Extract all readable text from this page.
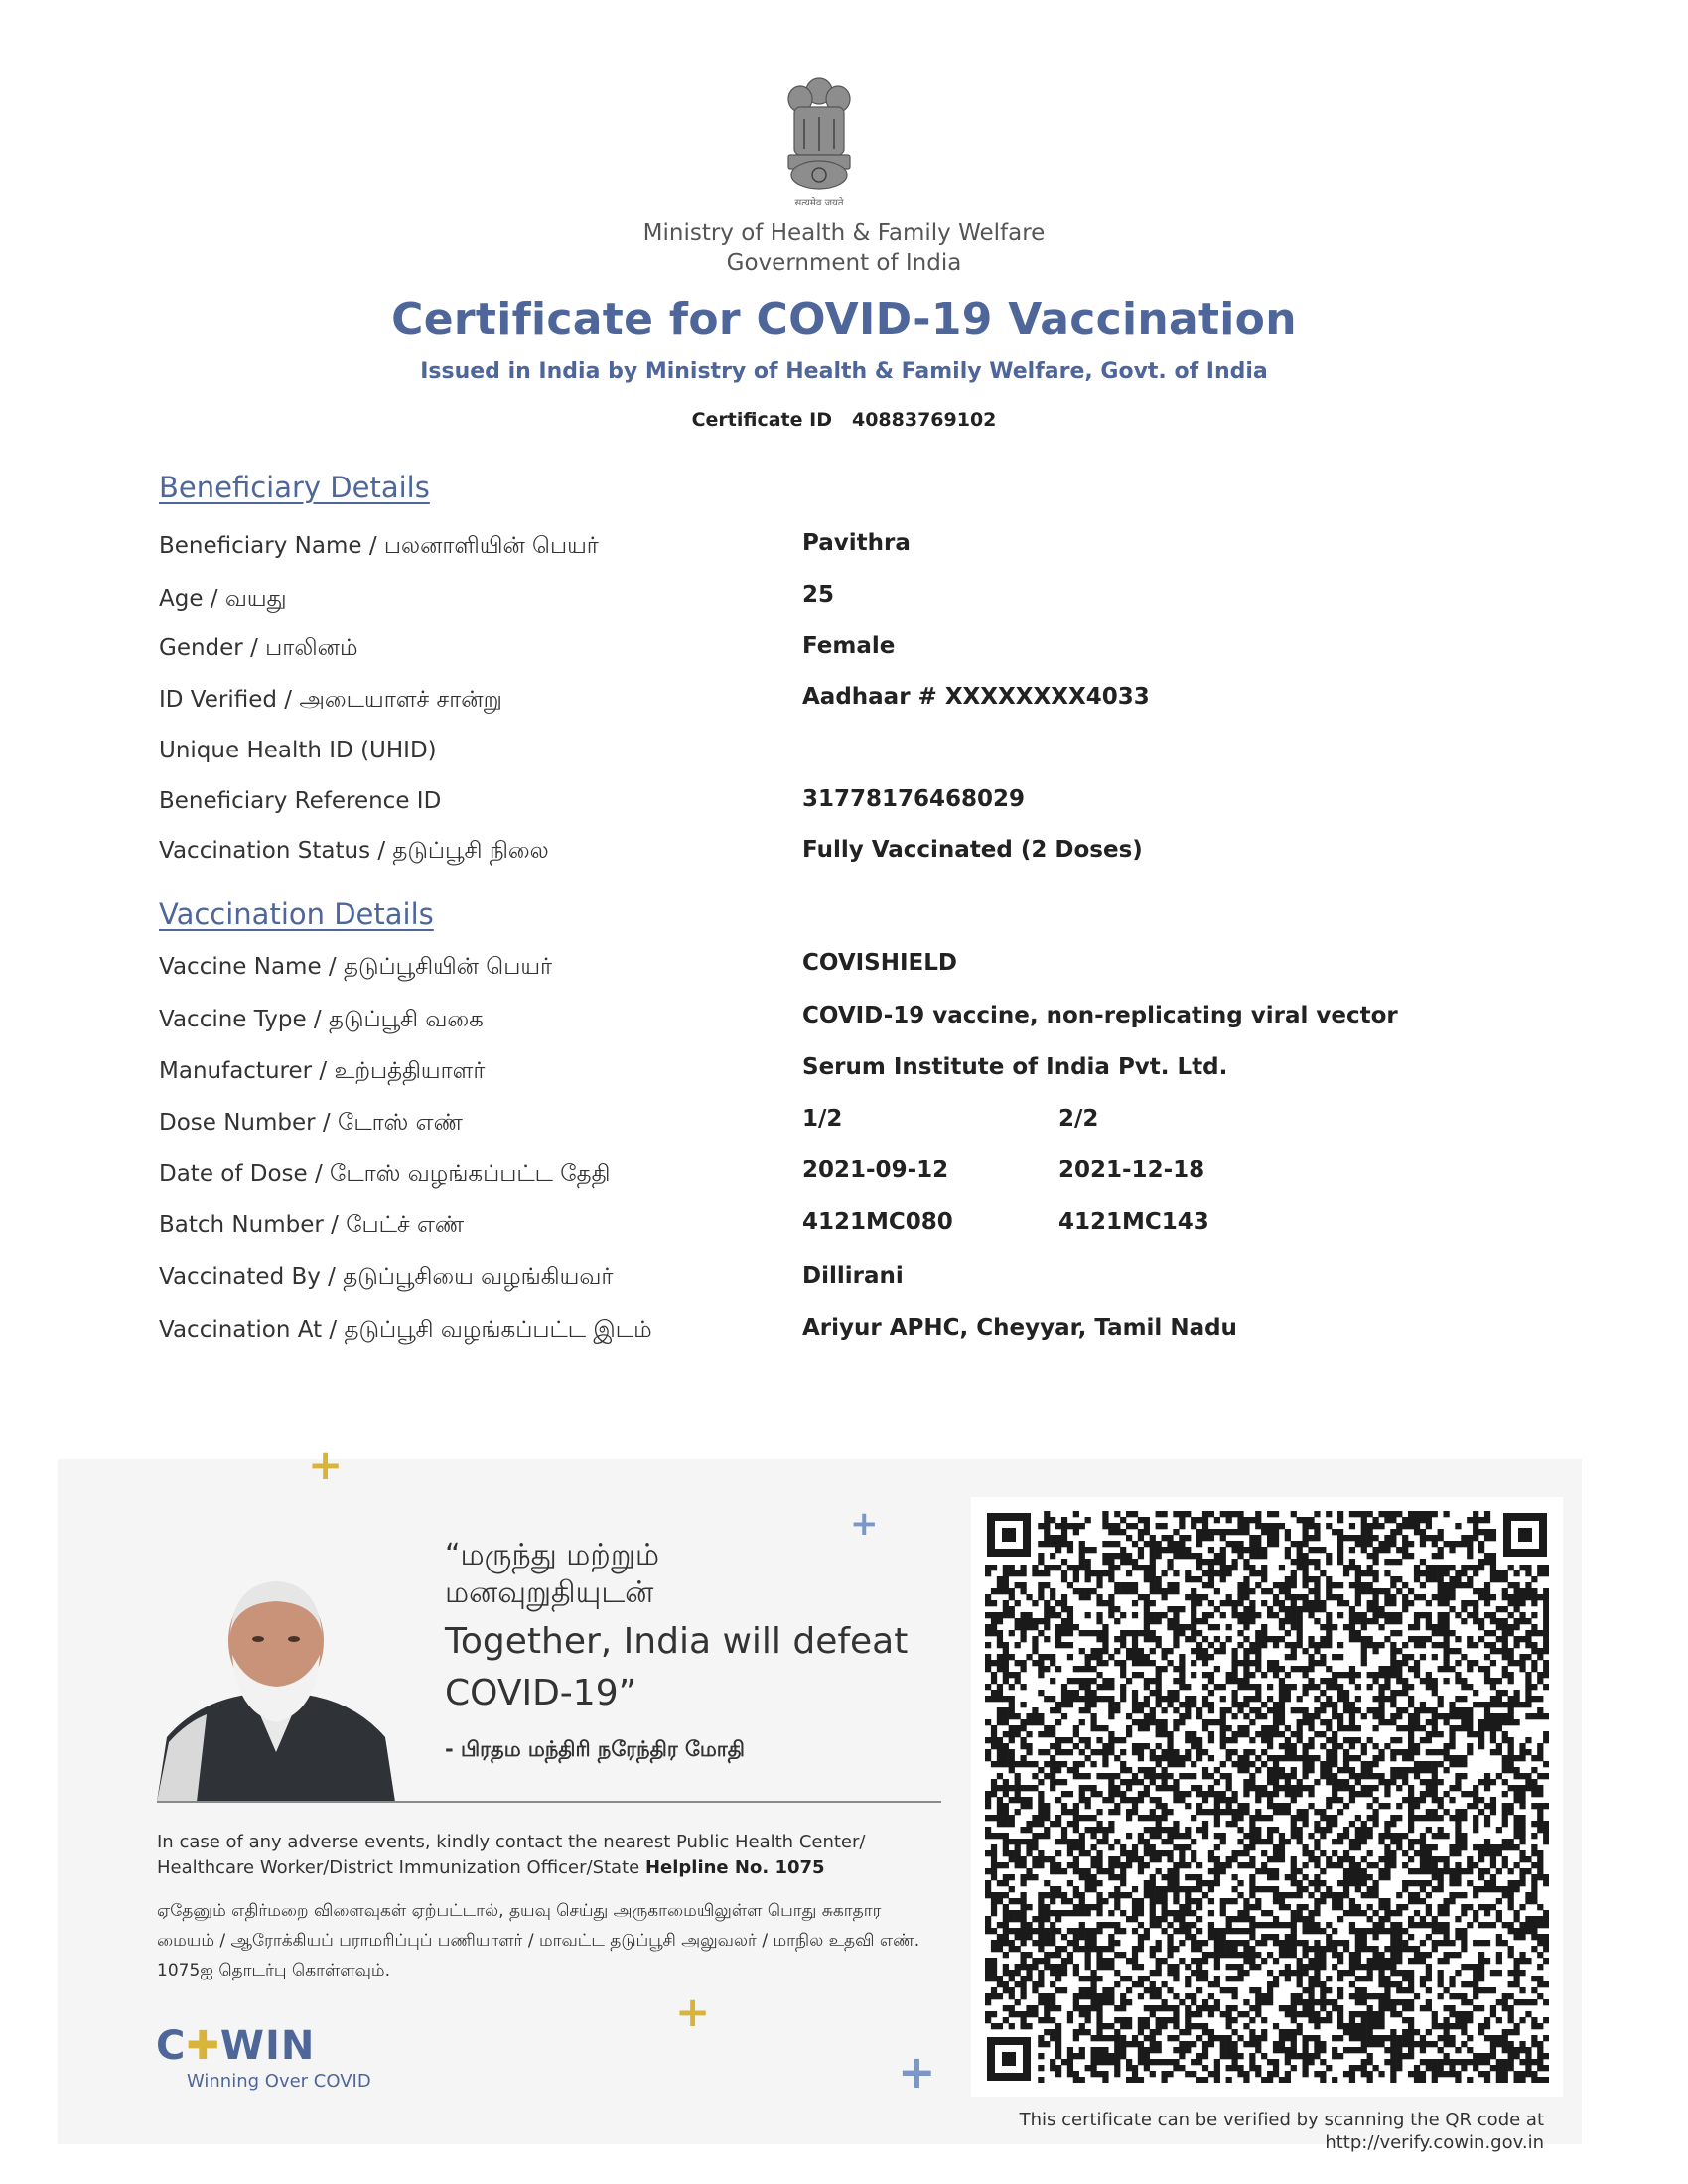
सत्यमेव जयते
Ministry of Health & Family Welfare
Government of India
Certificate for COVID-19 Vaccination
Issued in India by Ministry of Health & Family Welfare, Govt. of India
Certificate ID 40883769102
Beneficiary Details
Beneficiary Name / பலனாளியின் பெயர்	Pavithra
Age / வயது	25
Gender / பாலினம்	Female
ID Verified / அடையாளச் சான்று	Aadhaar # XXXXXXXX4033
Unique Health ID (UHID)
Beneficiary Reference ID	31778176468029
Vaccination Status / தடுப்பூசி நிலை	Fully Vaccinated (2 Doses)
Vaccination Details
Vaccine Name / தடுப்பூசியின் பெயர்	COVISHIELD
Vaccine Type / தடுப்பூசி வகை	COVID-19 vaccine, non-replicating viral vector
Manufacturer / உற்பத்தியாளர்	Serum Institute of India Pvt. Ltd.
Dose Number / டோஸ் எண்	1/2	2/2
Date of Dose / டோஸ் வழங்கப்பட்ட தேதி	2021-09-12	2021-12-18
Batch Number / பேட்ச் எண்	4121MC080	4121MC143
Vaccinated By / தடுப்பூசியை வழங்கியவர்	Dillirani
Vaccination At / தடுப்பூசி வழங்கப்பட்ட இடம்	Ariyur APHC, Cheyyar, Tamil Nadu
+
+
+
+
“மருந்து மற்றும்
மனவுறுதியுடன்
Together, India will defeat
COVID-19”
- பிரதம மந்திரி நரேந்திர மோதி
In case of any adverse events, kindly contact the nearest Public Health Center/ Healthcare Worker/District Immunization Officer/State Helpline No. 1075
ஏதேனும் எதிர்மறை விளைவுகள் ஏற்பட்டால், தயவு செய்து அருகாமையிலுள்ள பொது சுகாதார மையம் / ஆரோக்கியப் பராமரிப்புப் பணியாளர் / மாவட்ட தடுப்பூசி அலுவலர் / மாநில உதவி எண். 1075ஐ தொடர்பு கொள்ளவும்.
C✚WIN
Winning Over COVID
This certificate can be verified by scanning the QR code at
http://verify.cowin.gov.in
